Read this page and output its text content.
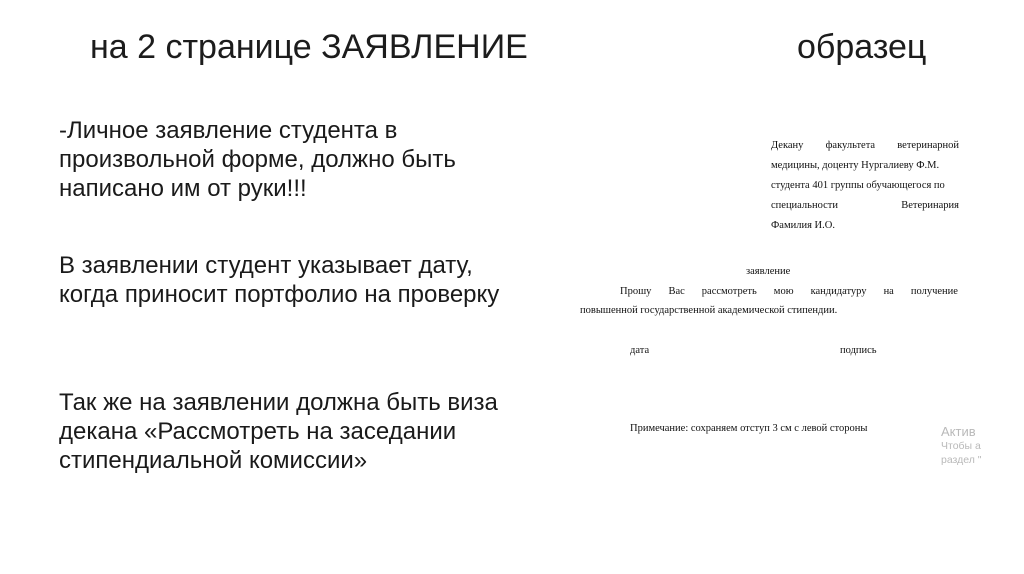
на 2 странице ЗАЯВЛЕНИЕ	образец

-Личное заявление студента в произвольной форме, должно быть написано им от руки!!!

В заявлении студент указывает дату, когда приносит портфолио на проверку

Так же на заявлении должна быть виза декана «Рассмотреть на заседании стипендиальной комиссии»

Декану факультета ветеринарной
медицины, доценту Нургалиеву Ф.М.
студента 401 группы обучающегося по
специальности	Ветеринария
Фамилия И.О.
заявление
Прошу Вас рассмотреть мою кандидатуру на получение
повышенной государственной академической стипендии.
дата	подпись
Примечание: сохраняем отступ 3 см с левой стороны	Актив
Чтобы а
раздел "
